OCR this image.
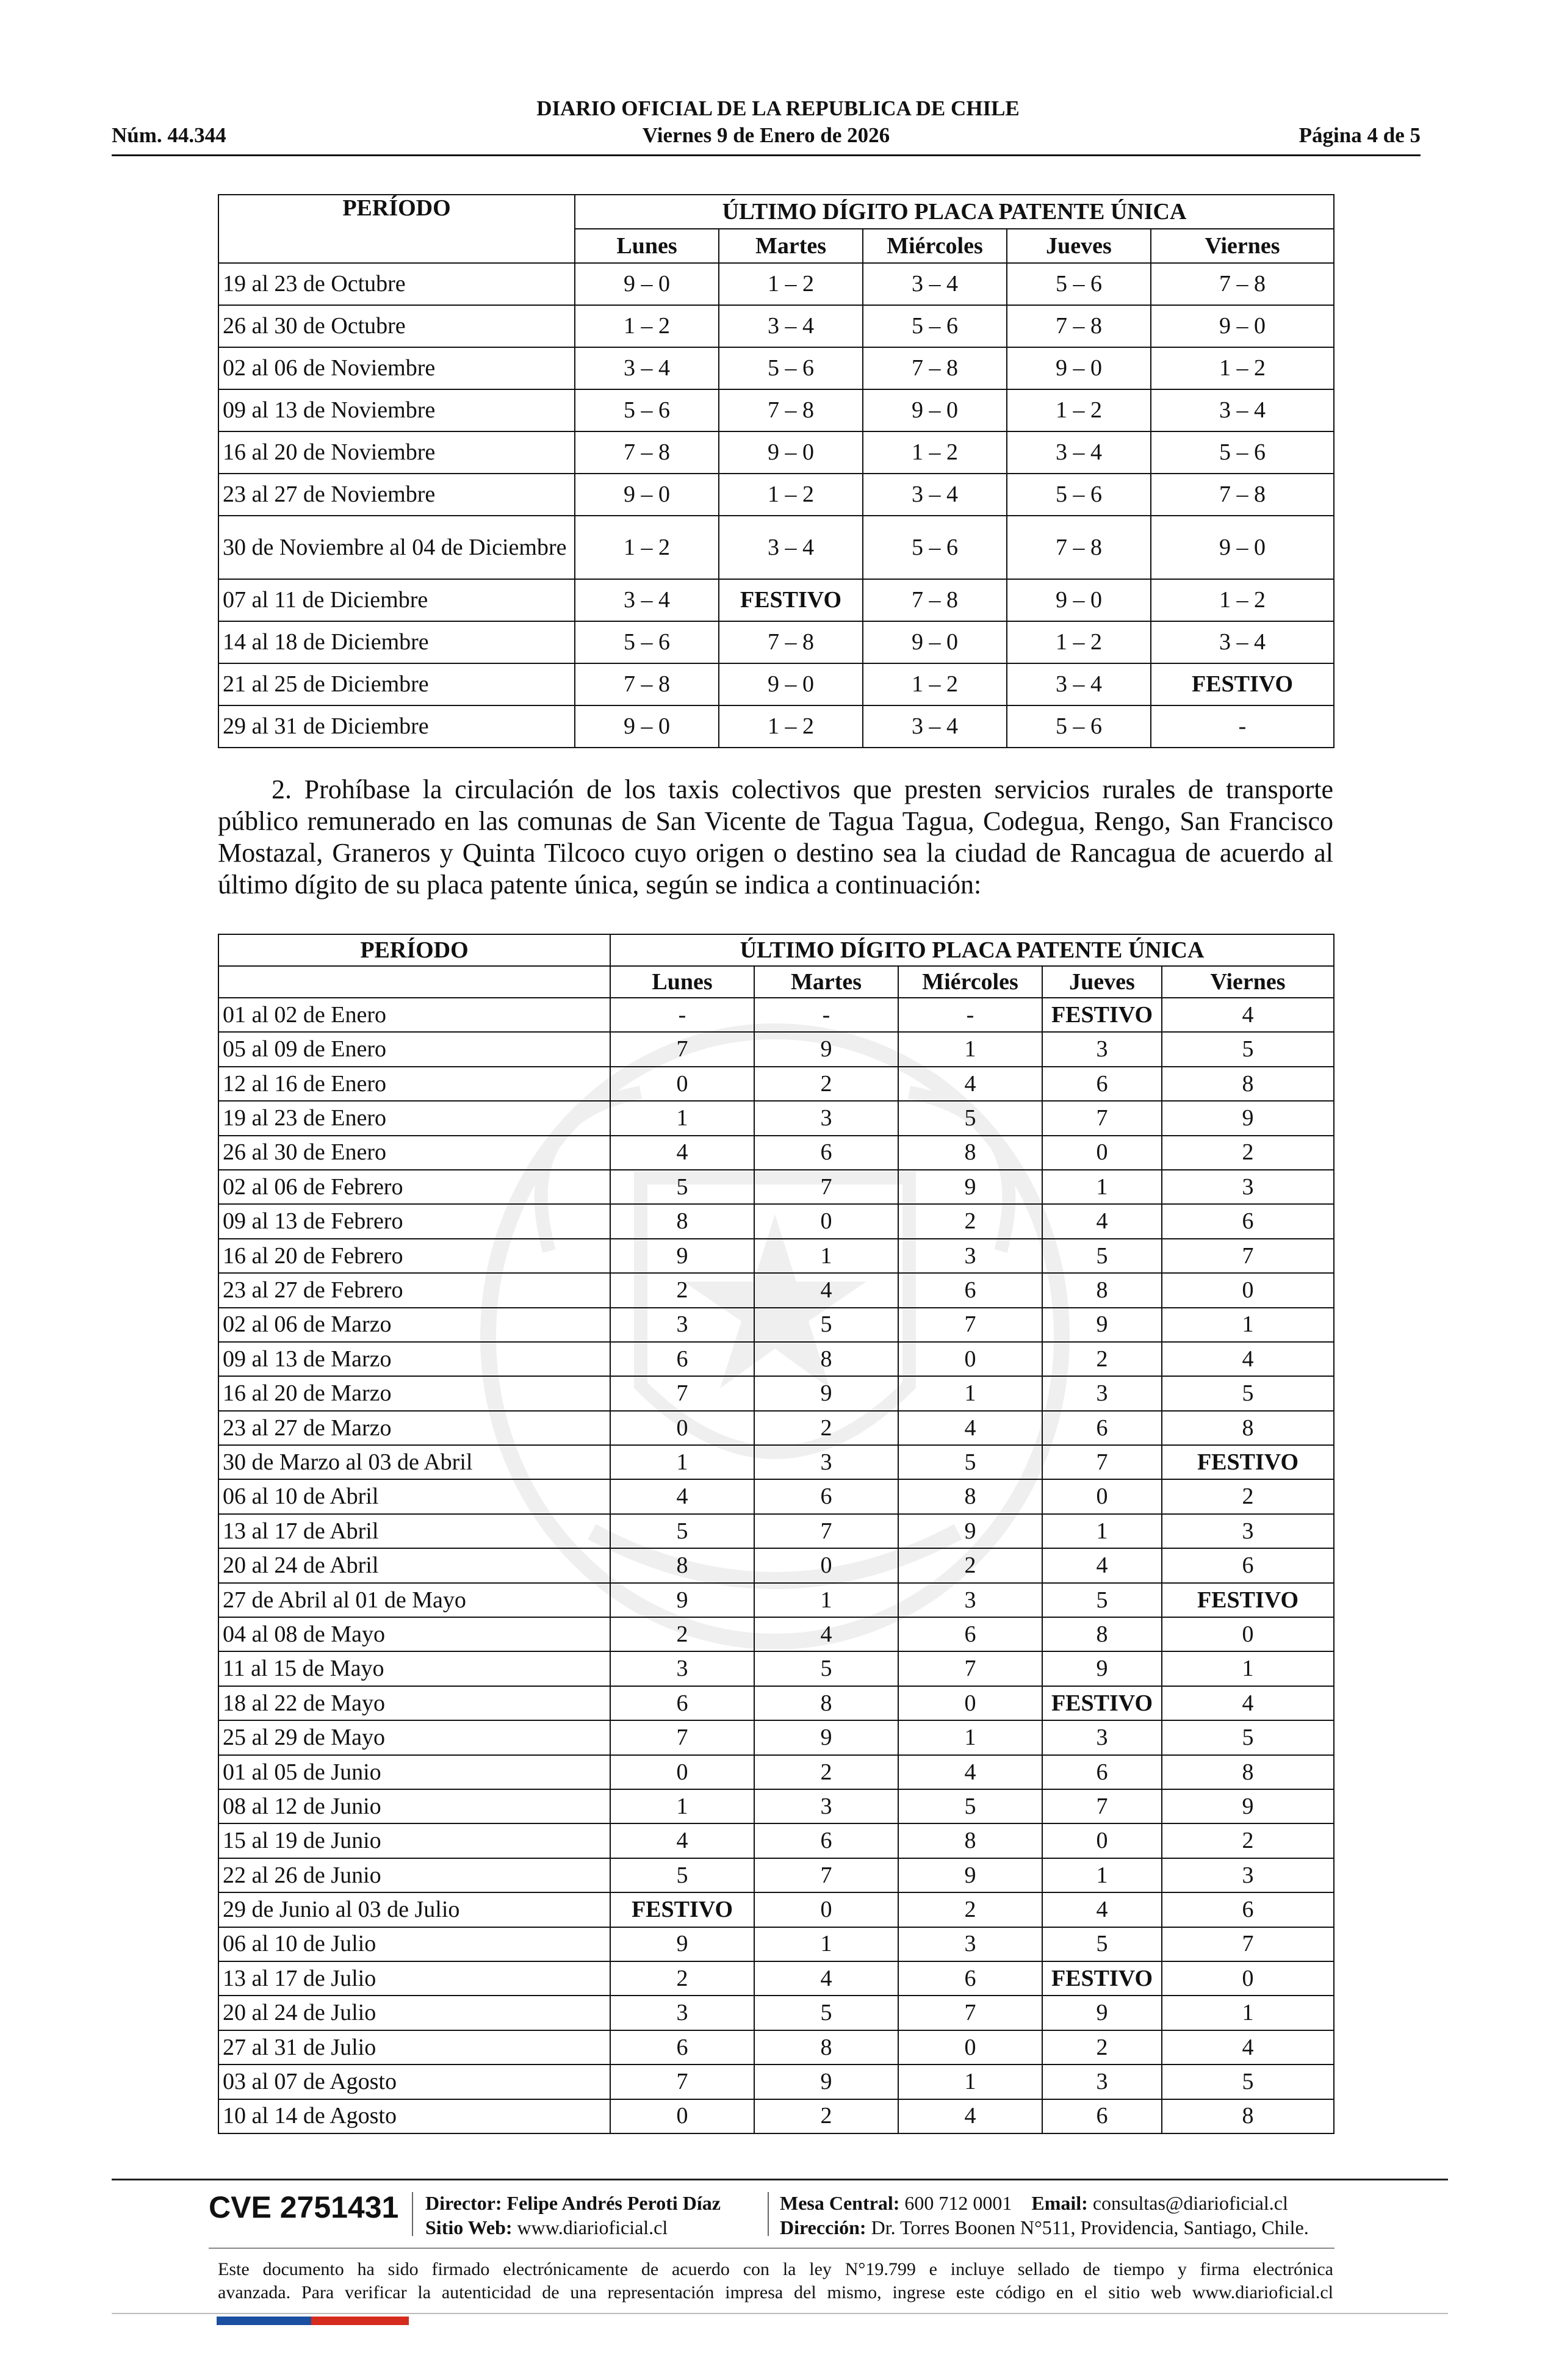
DIARIO OFICIAL DE LA REPUBLICA DE CHILE
Núm. 44.344	Viernes 9 de Enero de 2026	Página 4 de 5
PERÍODO	ÚLTIMO DÍGITO PLACA PATENTE ÚNICA				
	Lunes	Martes	Miércoles	Jueves	Viernes
19 al 23 de Octubre	9 – 0	1 – 2	3 – 4	5 – 6	7 – 8
26 al 30 de Octubre	1 – 2	3 – 4	5 – 6	7 – 8	9 – 0
02 al 06 de Noviembre	3 – 4	5 – 6	7 – 8	9 – 0	1 – 2
09 al 13 de Noviembre	5 – 6	7 – 8	9 – 0	1 – 2	3 – 4
16 al 20 de Noviembre	7 – 8	9 – 0	1 – 2	3 – 4	5 – 6
23 al 27 de Noviembre	9 – 0	1 – 2	3 – 4	5 – 6	7 – 8
30 de Noviembre al 04 de Diciembre	1 – 2	3 – 4	5 – 6	7 – 8	9 – 0
07 al 11 de Diciembre	3 – 4	FESTIVO	7 – 8	9 – 0	1 – 2
14 al 18 de Diciembre	5 – 6	7 – 8	9 – 0	1 – 2	3 – 4
21 al 25 de Diciembre	7 – 8	9 – 0	1 – 2	3 – 4	FESTIVO
29 al 31 de Diciembre	9 – 0	1 – 2	3 – 4	5 – 6	-

2. Prohíbase la circulación de los taxis colectivos que presten servicios rurales de transporte público remunerado en las comunas de San Vicente de Tagua Tagua, Codegua, Rengo, San Francisco Mostazal, Graneros y Quinta Tilcoco cuyo origen o destino sea la ciudad de Rancagua de acuerdo al último dígito de su placa patente única, según se indica a continuación:

PERÍODO	ÚLTIMO DÍGITO PLACA PATENTE ÚNICA				
	Lunes	Martes	Miércoles	Jueves	Viernes
01 al 02 de Enero	-	-	-	FESTIVO	4
05 al 09 de Enero	7	9	1	3	5
12 al 16 de Enero	0	2	4	6	8
19 al 23 de Enero	1	3	5	7	9
26 al 30 de Enero	4	6	8	0	2
02 al 06 de Febrero	5	7	9	1	3
09 al 13 de Febrero	8	0	2	4	6
16 al 20 de Febrero	9	1	3	5	7
23 al 27 de Febrero	2	4	6	8	0
02 al 06 de Marzo	3	5	7	9	1
09 al 13 de Marzo	6	8	0	2	4
16 al 20 de Marzo	7	9	1	3	5
23 al 27 de Marzo	0	2	4	6	8
30 de Marzo al 03 de Abril	1	3	5	7	FESTIVO
06 al 10 de Abril	4	6	8	0	2
13 al 17 de Abril	5	7	9	1	3
20 al 24 de Abril	8	0	2	4	6
27 de Abril al 01 de Mayo	9	1	3	5	FESTIVO
04 al 08 de Mayo	2	4	6	8	0
11 al 15 de Mayo	3	5	7	9	1
18 al 22 de Mayo	6	8	0	FESTIVO	4
25 al 29 de Mayo	7	9	1	3	5
01 al 05 de Junio	0	2	4	6	8
08 al 12 de Junio	1	3	5	7	9
15 al 19 de Junio	4	6	8	0	2
22 al 26 de Junio	5	7	9	1	3
29 de Junio al 03 de Julio	FESTIVO	0	2	4	6
06 al 10 de Julio	9	1	3	5	7
13 al 17 de Julio	2	4	6	FESTIVO	0
20 al 24 de Julio	3	5	7	9	1
27 al 31 de Julio	6	8	0	2	4
03 al 07 de Agosto	7	9	1	3	5
10 al 14 de Agosto	0	2	4	6	8
CVE 2751431 Director: Felipe Andrés Peroti Díaz
Sitio Web: www.diarioficial.cl
Mesa Central: 600 712 0001 Email: consultas@diarioficial.cl
Dirección: Dr. Torres Boonen N°511, Providencia, Santiago, Chile.
Este documento ha sido firmado electrónicamente de acuerdo con la ley N°19.799 e incluye sellado de tiempo y firma electrónica
avanzada. Para verificar la autenticidad de una representación impresa del mismo, ingrese este código en el sitio web www.diarioficial.cl
